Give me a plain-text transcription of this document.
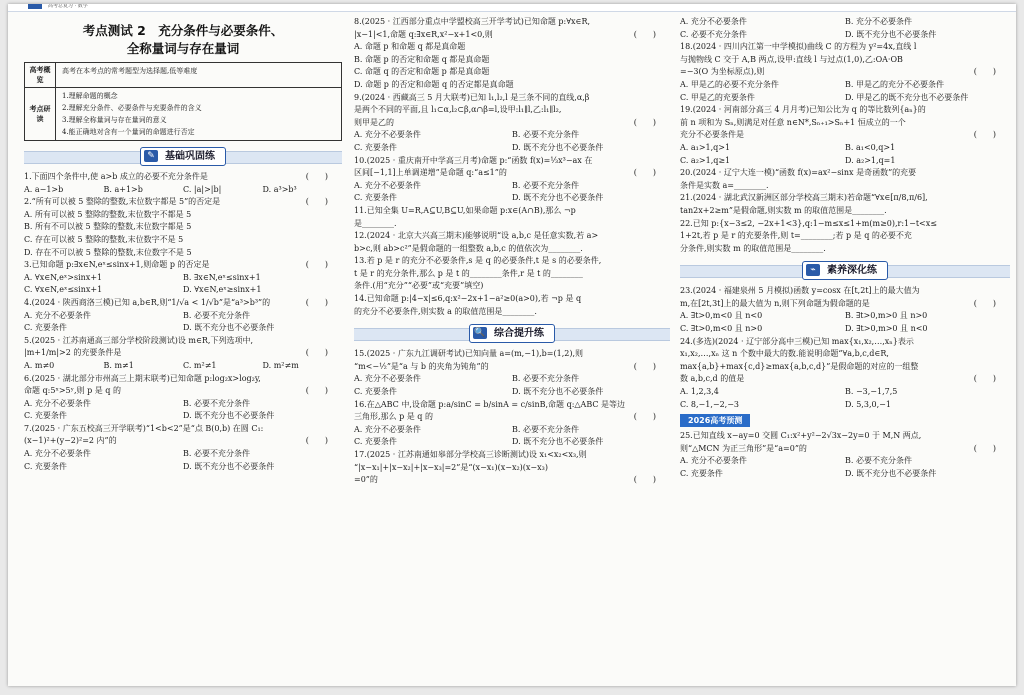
高考总复习 · 数学
考点测试 2　充分条件与必要条件、
全称量词与存在量词
高考概览
高考在本考点的常考题型为选择题,低等难度
考点研读
1.理解命题的概念
2.理解充分条件、必要条件与充要条件的含义
3.理解全称量词与存在量词的意义
4.能正确地对含有一个量词的命题进行否定
✎	基础巩固练

1.下面四个条件中,使 a>b 成立的必要不充分条件是	(　　)

A. a−1>b	B. a+1>b	C. |a|>|b|	D. a³>b³

2.“所有可以被 5 整除的整数,末位数字都是 5”的否定是	(　　)

A. 所有可以被 5 整除的整数,末位数字不都是 5
B. 所有不可以被 5 整除的整数,末位数字都是 5
C. 存在可以被 5 整除的整数,末位数字不是 5
D. 存在不可以被 5 整除的整数,末位数字不是 5

3.已知命题 p:∃x∈N,eˣ≤sinx+1,则命题 p 的否定是	(　　)

A. ∀x∈N,eˣ>sinx+1	B. ∃x∈N,eˣ≤sinx+1
C. ∀x∈N,eˣ≤sinx+1	D. ∀x∈N,eˣ≥sinx+1

4.(2024 · 陕西商洛三模)已知 a,b∈R,则“1/√a < 1/√b”是“a³>b³”的	(　　)

A. 充分不必要条件	B. 必要不充分条件
C. 充要条件	D. 既不充分也不必要条件

5.(2025 · 江苏南通高三部分学校阶段测试)设 m∈R,下列选项中,

|m+1/m|>2 的充要条件是	(　　)

A. m≠0	B. m≠1	C. m²≠1	D. m²≠m

6.(2025 · 湖北部分市州高三上期末联考)已知命题 p:log₂x>log₂y,

命题 q:5ˣ>5ʸ,则 p 是 q 的	(　　)

A. 充分不必要条件	B. 必要不充分条件
C. 充要条件	D. 既不充分也不必要条件

7.(2025 · 广东五校高三开学联考)“1<b<2”是“点 B(0,b) 在圆 C₁:

(x−1)²+(y−2)²=2 内”的	(　　)

A. 充分不必要条件	B. 必要不充分条件
C. 充要条件	D. 既不充分也不必要条件

8.(2025 · 江西部分重点中学盟校高三开学考试)已知命题 p:∀x∈R,

|x−1|<1,命题 q:∃x∈R,x²−x+1<0,则	(　　)

A. 命题 p 和命题 q 都是真命题
B. 命题 p 的否定和命题 q 都是真命题
C. 命题 q 的否定和命题 p 都是真命题
D. 命题 p 的否定和命题 q 的否定都是真命题

9.(2024 · 西藏高三 5 月大联考)已知 l₁,l₂,l 是三条不同的直线,α,β

是两个不同的平面,且 l₁⊂α,l₂⊂β,α∩β=l,设甲:l₁∥l,乙:l₁∥l₂,

则甲是乙的	(　　)

A. 充分不必要条件	B. 必要不充分条件
C. 充要条件	D. 既不充分也不必要条件

10.(2025 · 重庆南开中学高三月考)命题 p:“函数 f(x)=⅓x³−ax 在

区间[−1,1]上单调递增”是命题 q:“a≤1”的	(　　)

A. 充分不必要条件	B. 必要不充分条件
C. 充要条件	D. 既不充分也不必要条件

11.已知全集 U=R,A⊆U,B⊆U,如果命题 p:x∈(A∩B),那么 ¬p

是________.

12.(2024 · 北京大兴高三期末)能够说明“设 a,b,c 是任意实数,若 a>

b>c,则 ab>c²”是假命题的一组整数 a,b,c 的值依次为________.

13.若 p 是 r 的充分不必要条件,s 是 q 的必要条件,t 是 s 的必要条件,

t 是 r 的充分条件,那么 p 是 t 的________条件,r 是 t 的________

条件.(用“充分”“必要”或“充要”填空)

14.已知命题 p:|4−x|≤6,q:x²−2x+1−a²≥0(a>0),若 ¬p 是 q

的充分不必要条件,则实数 a 的取值范围是________.

🔍 综合提升练

15.(2025 · 广东九江调研考试)已知向量 a=(m,−1),b=(1,2),则

“m<−½”是“a 与 b 的夹角为钝角”的	(　　)

A. 充分不必要条件	B. 必要不充分条件
C. 充要条件	D. 既不充分也不必要条件

16.在△ABC 中,设命题 p:a/sinC = b/sinA = c/sinB,命题 q:△ABC 是等边

三角形,那么 p 是 q 的	(　　)

A. 充分不必要条件	B. 必要不充分条件
C. 充要条件	D. 既不充分也不必要条件

17.(2025 · 江苏南通如皋部分学校高三诊断测试)设 x₁<x₂<x₃,则

“|x−x₁|+|x−x₂|+|x−x₃|=2”是“(x−x₁)(x−x₂)(x−x₃)

=0”的	(　　)

A. 充分不必要条件	B. 充分不必要条件
C. 必要不充分条件	D. 既不充分也不必要条件

18.(2024 · 四川内江第一中学模拟)曲线 C 的方程为 y²=4x,直线 l

与抛物线 C 交于 A,B 两点,设甲:直线 l 与过点(1,0),乙:OA·OB

=−3(O 为坐标原点),则	(　　)

A. 甲是乙的必要不充分条件	B. 甲是乙的充分不必要条件
C. 甲是乙的充要条件	D. 甲是乙的既不充分也不必要条件

19.(2024 · 河南部分高三 4 月月考)已知公比为 q 的等比数列{aₙ}的

前 n 项和为 Sₙ,则满足对任意 n∈N*,Sₙ₊₁>Sₙ+1 恒成立的一个

充分不必要条件是	(　　)

A. a₁>1,q>1	B. a₁<0,q>1
C. a₂>1,q≥1	D. a₂>1,q=1

20.(2024 · 辽宁大连一模)“函数 f(x)=ax²−sinx 是奇函数”的充要

条件是实数 a=________.

21.(2024 · 湖北武汉新洲区部分学校高三期末)若命题“∀x∈[π/8,π/6],

tan2x+2≥m”是假命题,则实数 m 的取值范围是________.

22.已知 p:{x−3≤2, −2x+1<3},q:1−m≤x≤1+m(m≥0),r:1−t<x≤

1+2t,若 p 是 r 的充要条件,则 t=________;若 p 是 q 的必要不充

分条件,则实数 m 的取值范围是________.

⌁	素养深化练

23.(2024 · 福建泉州 5 月模拟)函数 y=cosx 在[t,2t]上的最大值为

m,在[2t,3t]上的最大值为 n,则下列命题为假命题的是	(　　)

A. ∃t>0,m<0 且 n<0	B. ∃t>0,m>0 且 n>0
C. ∃t>0,m<0 且 n>0	D. ∃t>0,m>0 且 n<0

24.(多选)(2024 · 辽宁部分高中三模)已知 max{x₁,x₂,…,xₙ}表示

x₁,x₂,…,xₙ 这 n 个数中最大的数.能说明命题“∀a,b,c,d∈R,

max{a,b}+max{c,d}≥max{a,b,c,d}”是假命题的对应的一组整

数 a,b,c,d 的值是	(　　)

A. 1,2,3,4	B. −3,−1,7,5
C. 8,−1,−2,−3	D. 5,3,0,−1
2026高考预测

25.已知直线 x−ay=0 交圆 C₁:x²+y²−2√3x−2y=0 于 M,N 两点,

则“△MCN 为正三角形”是“a=0”的	(　　)

A. 充分不必要条件	B. 必要不充分条件
C. 充要条件	D. 既不充分也不必要条件
